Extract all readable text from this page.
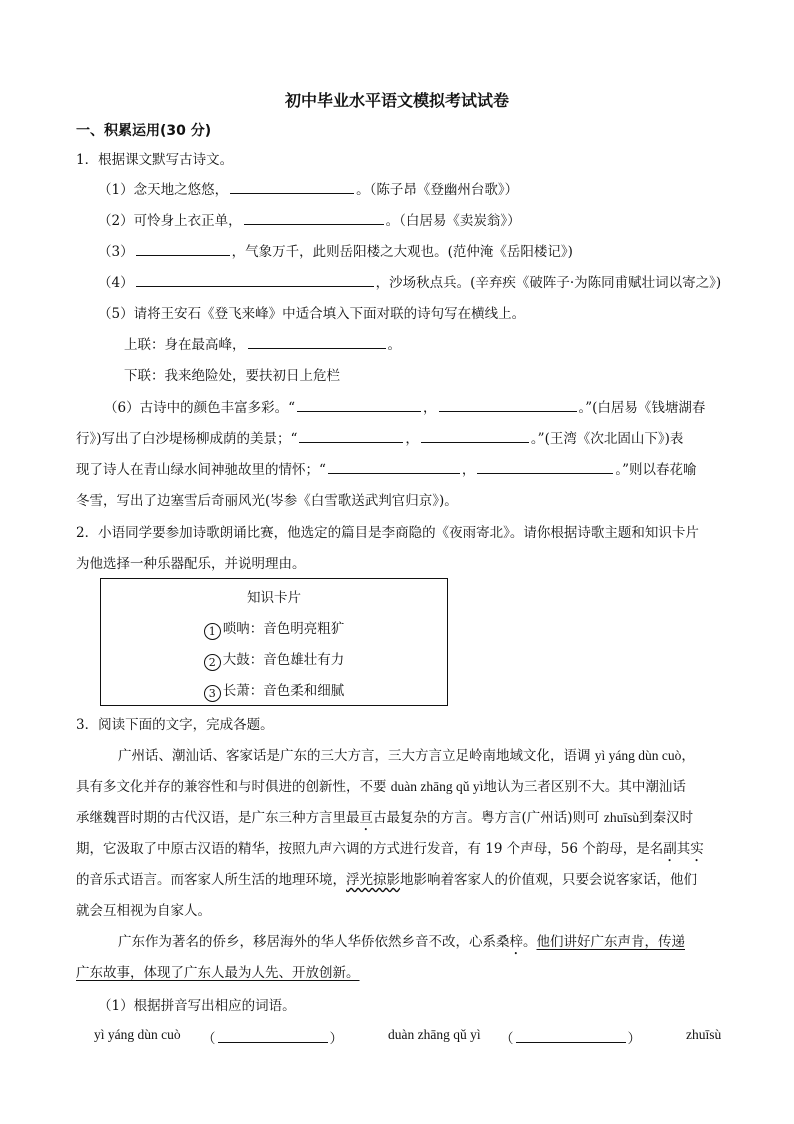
初中毕业水平语文模拟考试试卷
一、积累运用(30 分)
1．根据课文默写古诗文。
（1）念天地之悠悠，	。（陈子昂《登幽州台歌》）
（2）可怜身上衣正单，	。（白居易《卖炭翁》）
（3）	，气象万千，此则岳阳楼之大观也。(范仲淹《岳阳楼记》)
（4）	，沙场秋点兵。(辛弃疾《破阵子·为陈同甫赋壮词以寄之》)
（5）请将王安石《登飞来峰》中适合填入下面对联的诗句写在横线上。
上联：身在最高峰，	。
下联：我来绝险处，要扶初日上危栏
（6）古诗中的颜色丰富多彩。“	，	。”(白居易《钱塘湖春
行》)写出了白沙堤杨柳成荫的美景；“	，	。”(王湾《次北固山下》)表
现了诗人在青山绿水间神驰故里的情怀；“	，	。”则以春花喻
冬雪，写出了边塞雪后奇丽风光(岑参《白雪歌送武判官归京》)。
2．小语同学要参加诗歌朗诵比赛，他选定的篇目是李商隐的《夜雨寄北》。请你根据诗歌主题和知识卡片
为他选择一种乐器配乐，并说明理由。
知识卡片
1 唢呐：音色明亮粗犷
2 大鼓：音色雄壮有力
3 长萧：音色柔和细腻
3．阅读下面的文字，完成各题。
广州话、潮汕话、客家话是广东的三大方言，三大方言立足岭南地域文化，语调 yì yáng dùn cuò，
具有多文化并存的兼容性和与时俱进的创新性，不要 duàn zhāng qǔ yì地认为三者区别不大。其中潮汕话
承继魏晋时期的古代汉语，是广东三种方言里最亘古最复杂的方言。粤方言(广州话)则可 zhuīsù到秦汉时
期，它汲取了中原古汉语的精华，按照九声六调的方式进行发音，有 19 个声母，56 个韵母，是名副其实
的音乐式语言。而客家人所生活的地理环境，浮光掠影地影响着客家人的价值观，只要会说客家话，他们
就会互相视为自家人。
广东作为著名的侨乡，移居海外的华人华侨依然乡音不改，心系桑梓。他们讲好广东声肯，传递
广东故事，体现了广东人最为人先、开放创新。
（1）根据拼音写出相应的词语。
yì yáng dùn cuò （	）	duàn zhāng qǔ yì （	）	zhuīsù
